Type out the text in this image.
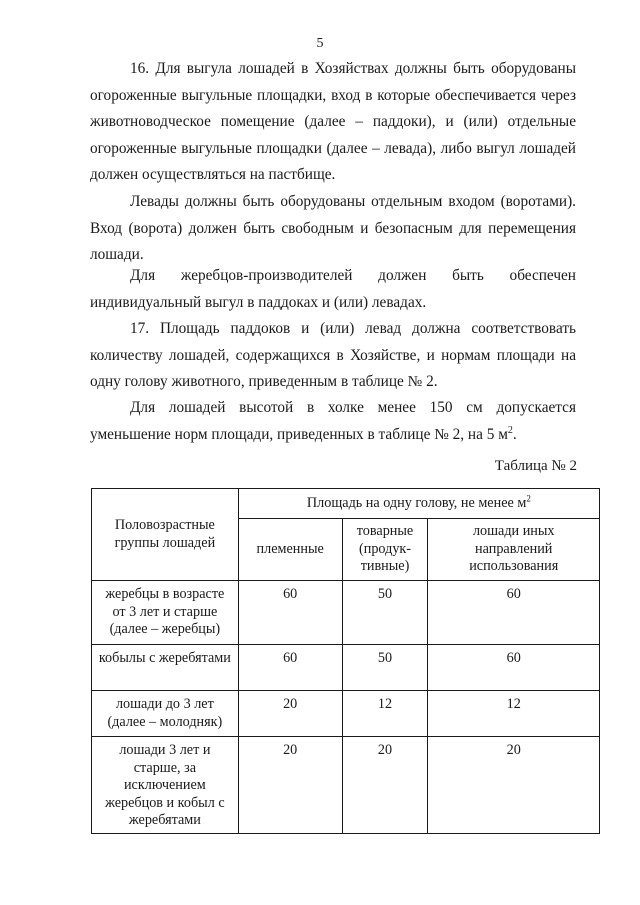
5

16. Для выгула лошадей в Хозяйствах должны быть оборудованы огороженные выгульные площадки, вход в которые обеспечивается через животноводческое помещение (далее – паддоки), и (или) отдельные огороженные выгульные площадки (далее – левада), либо выгул лошадей должен осуществляться на пастбище.

Левады должны быть оборудованы отдельным входом (воротами). Вход (ворота) должен быть свободным и безопасным для перемещения лошади.

Для жеребцов-производителей должен быть обеспечен индивидуальный выгул в паддоках и (или) левадах.

17. Площадь паддоков и (или) левад должна соответствовать количеству лошадей, содержащихся в Хозяйстве, и нормам площади на одну голову животного, приведенным в таблице № 2.

Для лошадей высотой в холке менее 150 см допускается уменьшение норм площади, приведенных в таблице № 2, на 5 $м^2$.

Таблица № 2
Половозрастные группы лошадей	Площадь на одну голову, не менее $м^2$
	племенные	товарные (продук-тивные)	лошади иных направлений использования
жеребцы в возрасте от 3 лет и старше (далее – жеребцы)	60	50	60
кобылы с жеребятами	60	50	60
лошади до 3 лет (далее – молодняк)	20	12	12
лошади 3 лет и старше, за исключением жеребцов и кобыл с жеребятами	20	20	20
